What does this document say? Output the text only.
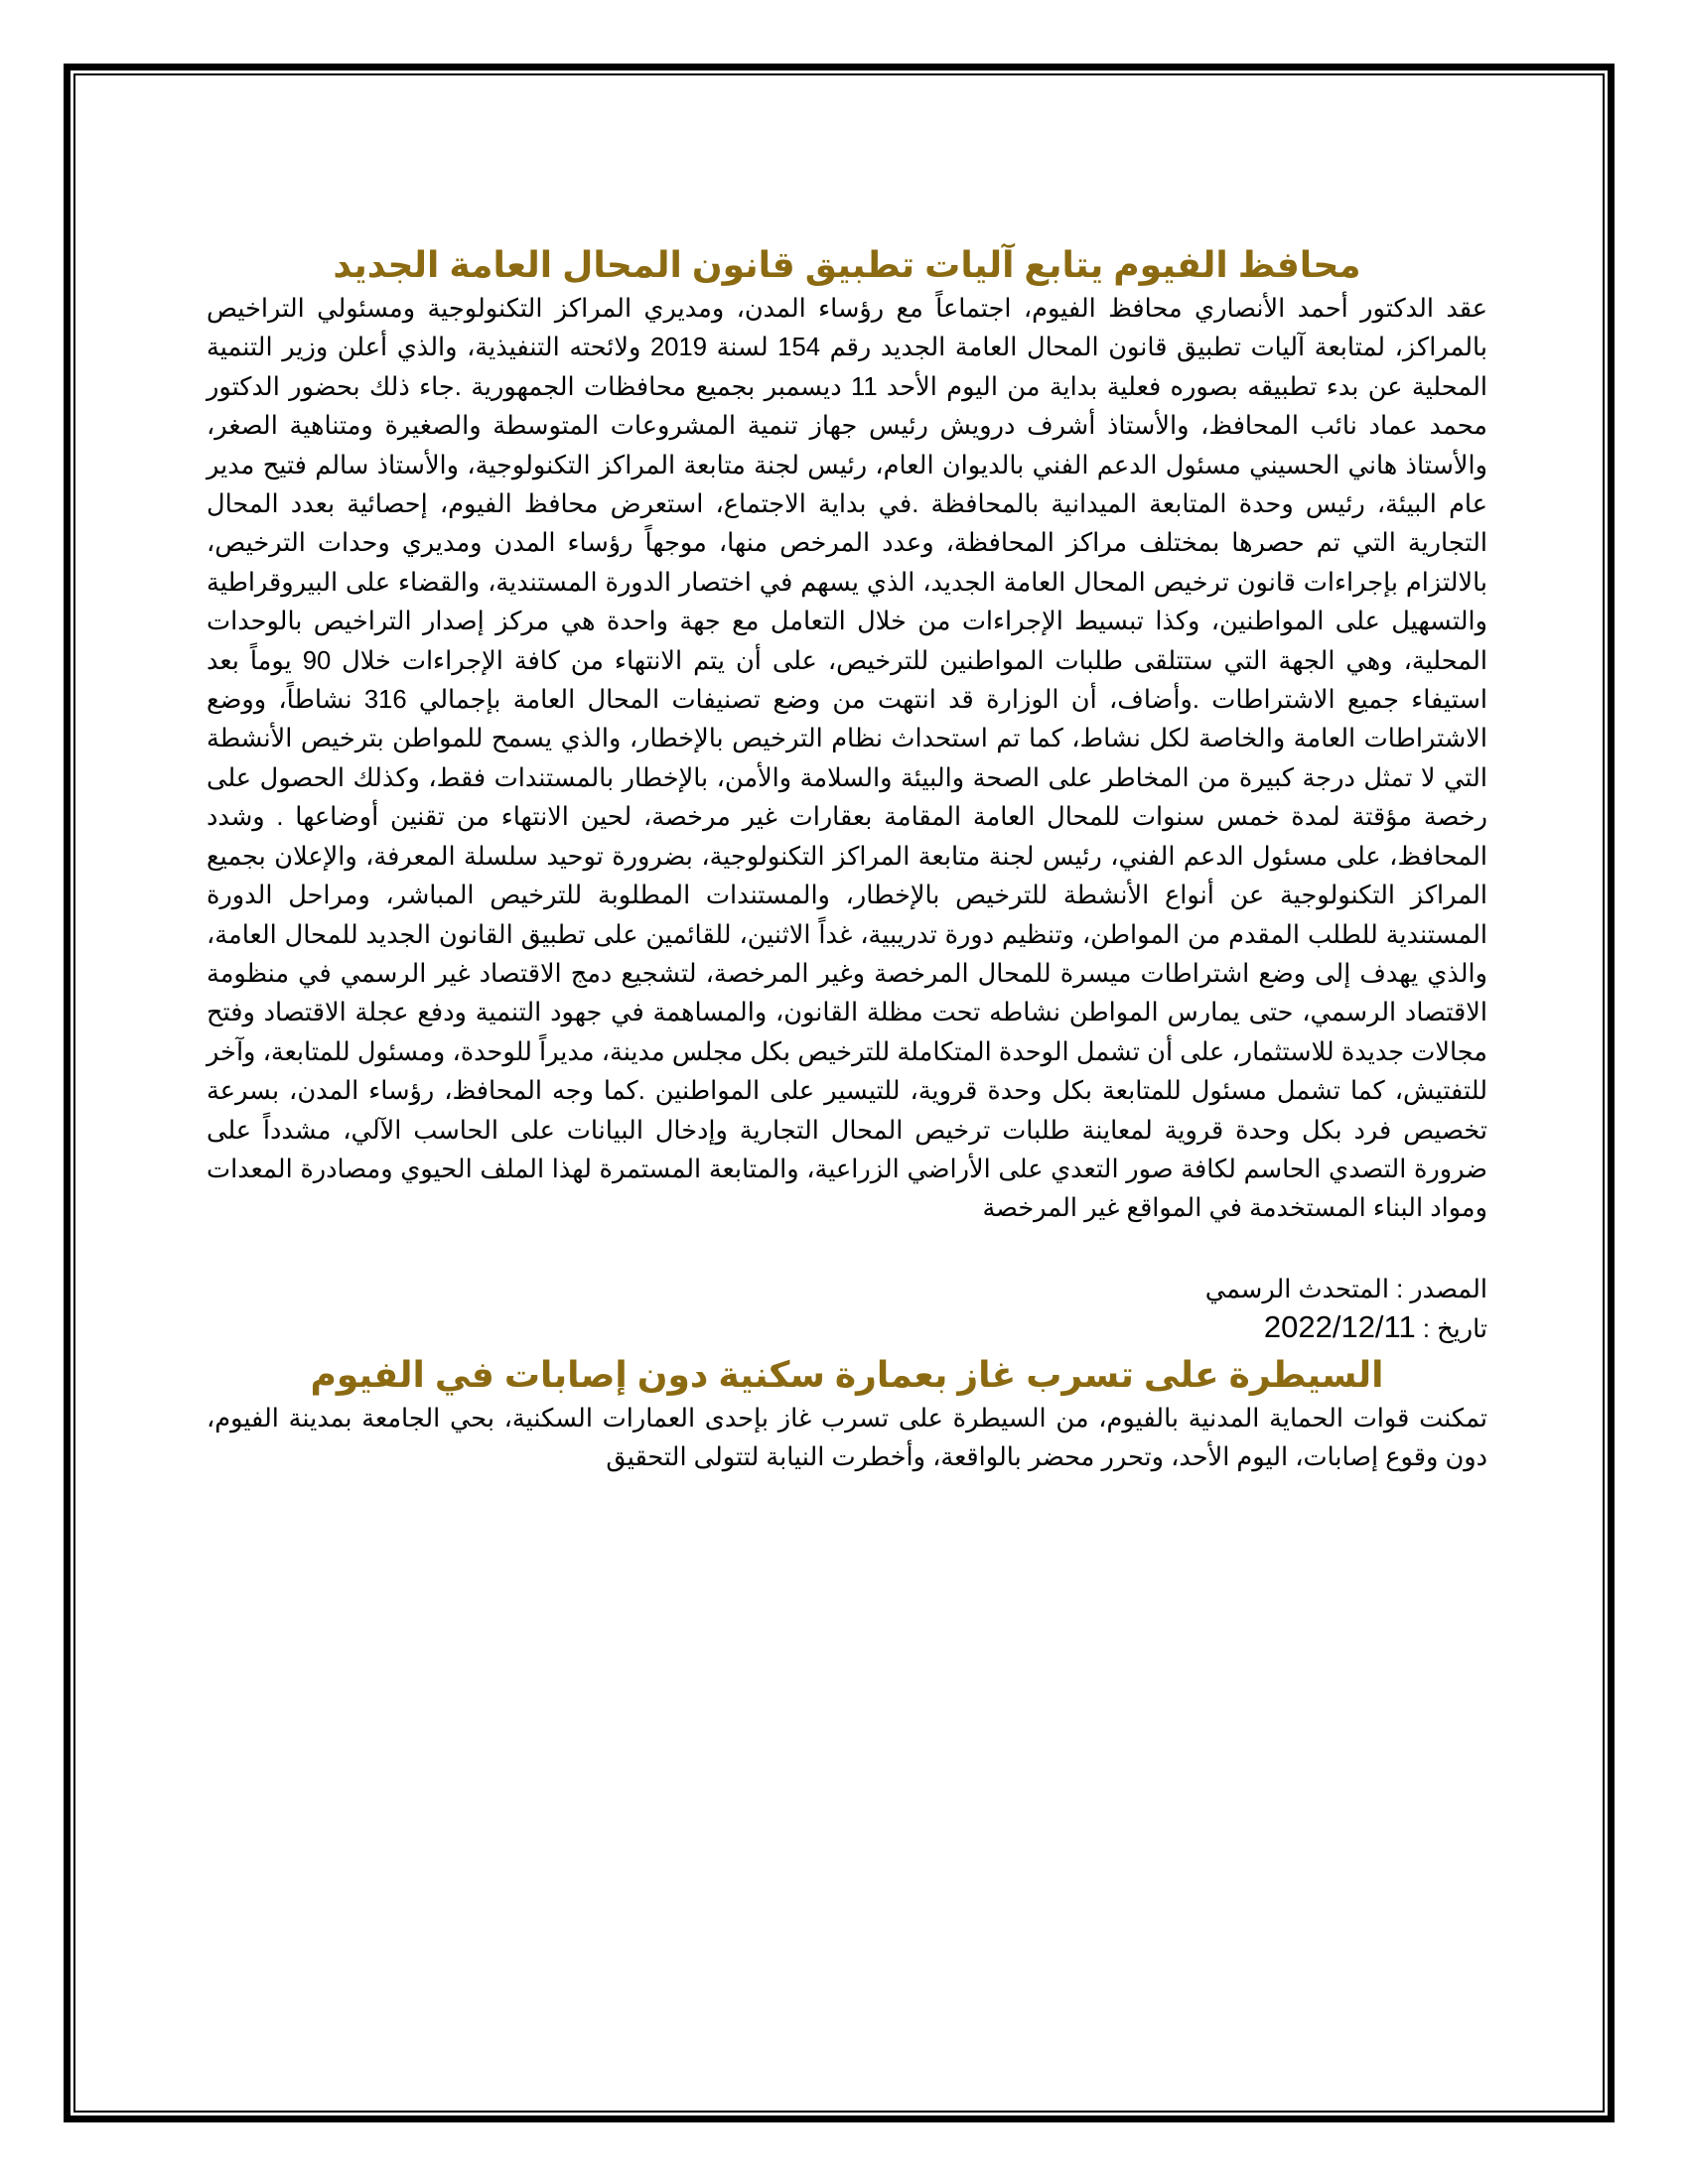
محافظ الفيوم يتابع آليات تطبيق قانون المحال العامة الجديد

عقد الدكتور أحمد الأنصاري محافظ الفيوم، اجتماعاً مع رؤساء المدن، ومديري المراكز التكنولوجية ومسئولي التراخيص بالمراكز، لمتابعة آليات تطبيق قانون المحال العامة الجديد رقم 154 لسنة 2019 ولائحته التنفيذية، والذي أعلن وزير التنمية المحلية عن بدء تطبيقه بصوره فعلية بداية من اليوم الأحد 11 ديسمبر بجميع محافظات الجمهورية .جاء ذلك بحضور الدكتور محمد عماد نائب المحافظ، والأستاذ أشرف درويش رئيس جهاز تنمية المشروعات المتوسطة والصغيرة ومتناهية الصغر، والأستاذ هاني الحسيني مسئول الدعم الفني بالديوان العام، رئيس لجنة متابعة المراكز التكنولوجية، والأستاذ سالم فتيح مدير عام البيئة، رئيس وحدة المتابعة الميدانية بالمحافظة .في بداية الاجتماع، استعرض محافظ الفيوم، إحصائية بعدد المحال التجارية التي تم حصرها بمختلف مراكز المحافظة، وعدد المرخص منها، موجهاً رؤساء المدن ومديري وحدات الترخيص، بالالتزام بإجراءات قانون ترخيص المحال العامة الجديد، الذي يسهم في اختصار الدورة المستندية، والقضاء على البيروقراطية والتسهيل على المواطنين، وكذا تبسيط الإجراءات من خلال التعامل مع جهة واحدة هي مركز إصدار التراخيص بالوحدات المحلية، وهي الجهة التي ستتلقى طلبات المواطنين للترخيص، على أن يتم الانتهاء من كافة الإجراءات خلال 90 يوماً بعد استيفاء جميع الاشتراطات .وأضاف، أن الوزارة قد انتهت من وضع تصنيفات المحال العامة بإجمالي 316 نشاطاً، ووضع الاشتراطات العامة والخاصة لكل نشاط، كما تم استحداث نظام الترخيص بالإخطار، والذي يسمح للمواطن بترخيص الأنشطة التي لا تمثل درجة كبيرة من المخاطر على الصحة والبيئة والسلامة والأمن، بالإخطار بالمستندات فقط، وكذلك الحصول على رخصة مؤقتة لمدة خمس سنوات للمحال العامة المقامة بعقارات غير مرخصة، لحين الانتهاء من تقنين أوضاعها . وشدد المحافظ، على مسئول الدعم الفني، رئيس لجنة متابعة المراكز التكنولوجية، بضرورة توحيد سلسلة المعرفة، والإعلان بجميع المراكز التكنولوجية عن أنواع الأنشطة للترخيص بالإخطار، والمستندات المطلوبة للترخيص المباشر، ومراحل الدورة المستندية للطلب المقدم من المواطن، وتنظيم دورة تدريبية، غداً الاثنين، للقائمين على تطبيق القانون الجديد للمحال العامة، والذي يهدف إلى وضع اشتراطات ميسرة للمحال المرخصة وغير المرخصة، لتشجيع دمج الاقتصاد غير الرسمي في منظومة الاقتصاد الرسمي، حتى يمارس المواطن نشاطه تحت مظلة القانون، والمساهمة في جهود التنمية ودفع عجلة الاقتصاد وفتح مجالات جديدة للاستثمار، على أن تشمل الوحدة المتكاملة للترخيص بكل مجلس مدينة، مديراً للوحدة، ومسئول للمتابعة، وآخر للتفتيش، كما تشمل مسئول للمتابعة بكل وحدة قروية، للتيسير على المواطنين .كما وجه المحافظ، رؤساء المدن، بسرعة تخصيص فرد بكل وحدة قروية لمعاينة طلبات ترخيص المحال التجارية وإدخال البيانات على الحاسب الآلي، مشدداً على ضرورة التصدي الحاسم لكافة صور التعدي على الأراضي الزراعية، والمتابعة المستمرة لهذا الملف الحيوي ومصادرة المعدات ومواد البناء المستخدمة في المواقع غير المرخصة

المصدر : المتحدث الرسمي

تاريخ : 2022/12/11

السيطرة على تسرب غاز بعمارة سكنية دون إصابات في الفيوم

تمكنت قوات الحماية المدنية بالفيوم، من السيطرة على تسرب غاز بإحدى العمارات السكنية، بحي الجامعة بمدينة الفيوم، دون وقوع إصابات، اليوم الأحد، وتحرر محضر بالواقعة، وأخطرت النيابة لتتولى التحقيق
